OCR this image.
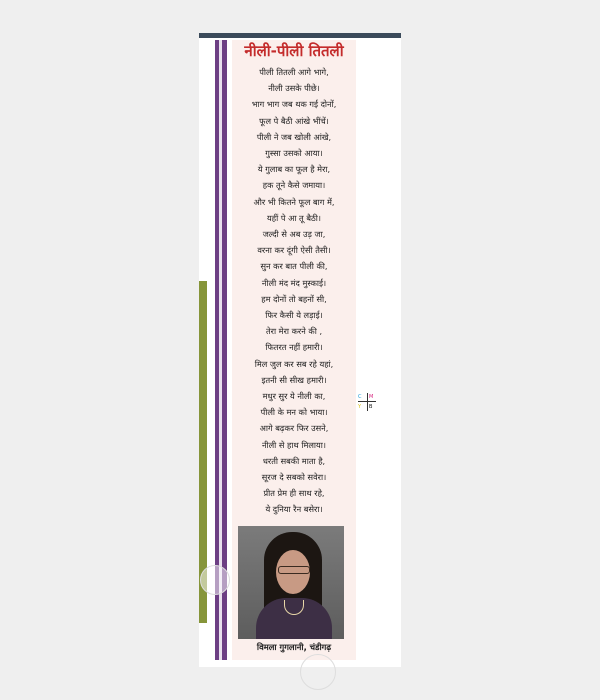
नीली-पीली तितली
पीली तितली आगे भागे,
नीली उसके पीछे।
भाग भाग जब थक गई दोनों,
फूल पे बैठी आंखे भींचें।
पीली ने जब खोली आंखे,
गुस्सा उसको आया।
ये गुलाब का फूल है मेरा,
हक तूने कैसे जमाया।
और भी कितने फूल बाग में,
यहीं पे आ तू बैठी।
जल्दी से अब उड़ जा,
वरना कर दूंगी ऐसी तैसी।
सुन कर बात पीली की,
नीली मंद मंद मुस्काई।
हम दोनों तो बहनों सी,
फिर कैसी ये लड़ाई।
तेरा मेरा करने की ,
फितरत नहीं हमारी।
मिल जुल कर सब रहे यहां,
इतनी सी सीख हमारी।
मधुर सुर ये नीली का,
पीली के मन को भाया।
आगे बढ़कर फिर उसने,
नीली से हाथ मिलाया।
धरती सबकी माता है,
सूरज दे सबको सवेरा।
प्रीत प्रेम ही साथ रहे,
ये दुनिया रैन बसेरा।
विमला गुगलानी, चंडीगढ़
C M
Y B
